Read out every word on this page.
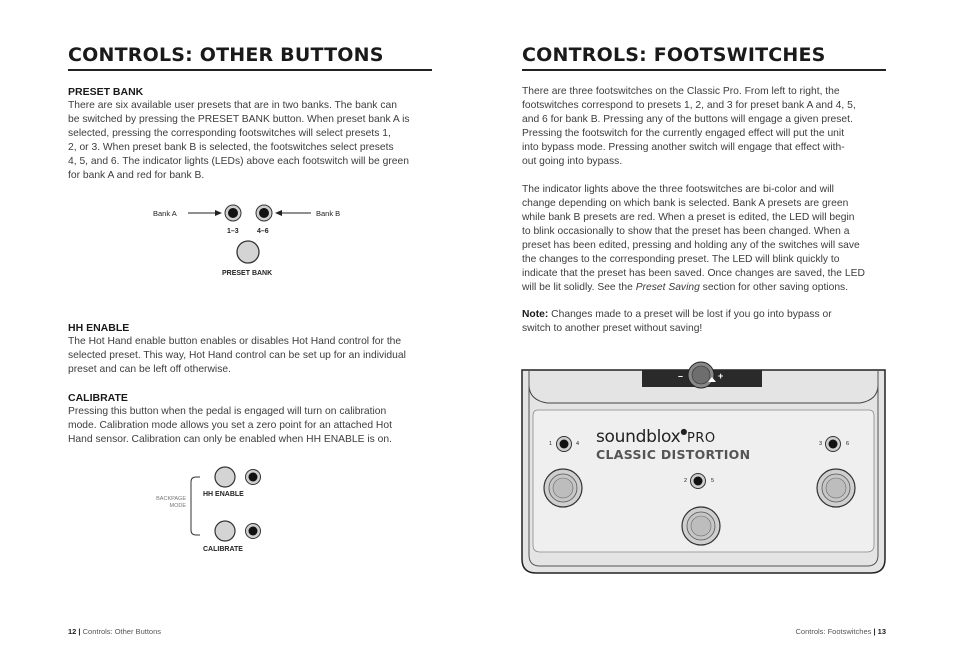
CONTROLS: OTHER BUTTONS
PRESET BANK
There are six available user presets that are in two banks. The bank can
be switched by pressing the PRESET BANK button. When preset bank A is
selected, pressing the corresponding footswitches will select presets 1,
2, or 3. When preset bank B is selected, the footswitches select presets
4, 5, and 6. The indicator lights (LEDs) above each footswitch will be green
for bank A and red for bank B.
Bank A	Bank B
1–3	4–6
PRESET BANK
HH ENABLE
The Hot Hand enable button enables or disables Hot Hand control for the
selected preset. This way, Hot Hand control can be set up for an individual
preset and can be left off otherwise.
CALIBRATE
Pressing this button when the pedal is engaged will turn on calibration
mode. Calibration mode allows you set a zero point for an attached Hot
Hand sensor. Calibration can only be enabled when HH ENABLE is on.
BACKPAGE
MODE
HH ENABLE
CALIBRATE
12 | Controls: Other Buttons
CONTROLS: FOOTSWITCHES
There are three footswitches on the Classic Pro. From left to right, the
footswitches correspond to presets 1, 2, and 3 for preset bank A and 4, 5,
and 6 for bank B. Pressing any of the buttons will engage a given preset.
Pressing the footswitch for the currently engaged effect will put the unit
into bypass mode. Pressing another switch will engage that effect with-
out going into bypass.
The indicator lights above the three footswitches are bi-color and will
change depending on which bank is selected. Bank A presets are green
while bank B presets are red. When a preset is edited, the LED will begin
to blink occasionally to show that the preset has been changed. When a
preset has been edited, pressing and holding any of the switches will save
the changes to the corresponding preset. The LED will blink quickly to
indicate that the preset has been saved. Once changes are saved, the LED
will be lit solidly. See the Preset Saving section for other saving options.
Note: Changes made to a preset will be lost if you go into bypass or
switch to another preset without saving!
–	+
soundblox●PRO
CLASSIC DISTORTION
1	4	3	6
2	5
Controls: Footswitches | 13
